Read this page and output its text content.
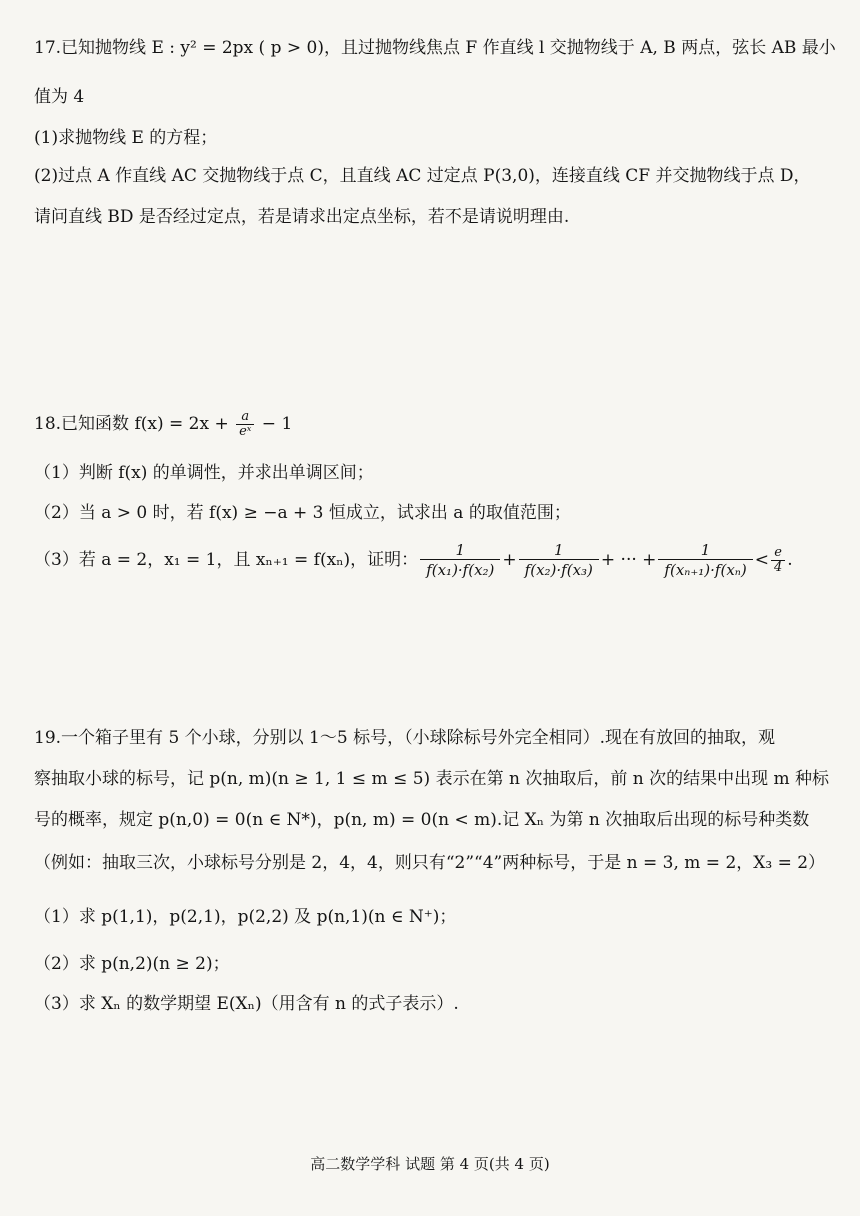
17.已知抛物线 E : y² = 2px ( p > 0)，且过抛物线焦点 F 作直线 l 交抛物线于 A, B 两点，弦长 AB 最小
值为 4
(1)求抛物线 E 的方程；
(2)过点 A 作直线 AC 交抛物线于点 C，且直线 AC 过定点 P(3,0)，连接直线 CF 并交抛物线于点 D，
请问直线 BD 是否经过定点，若是请求出定点坐标，若不是请说明理由.
18.已知函数 $f(x) = 2x + \frac{a}{\text{eˣ}} - 1$
（1）判断 f(x) 的单调性，并求出单调区间；
（2）当 a > 0 时，若 f(x) ≥ −a + 3 恒成立，试求出 a 的取值范围；
（3）若 a = 2，x₁ = 1，且 xₙ₊₁ = f(xₙ)，证明： $\frac{1}{\text{f(x₁)·f(x₂)}} + \frac{1}{\text{f(x₂)·f(x₃)}}$ + ··· + $\frac{1}{\text{f(xₙ₊₁)·f(xₙ)}} < \frac{e}{4}$ .
19.一个箱子里有 5 个小球，分别以 1～5 标号，（小球除标号外完全相同）.现在有放回的抽取，观
察抽取小球的标号，记 p(n, m)(n ≥ 1, 1 ≤ m ≤ 5) 表示在第 n 次抽取后，前 n 次的结果中出现 m 种标
号的概率，规定 p(n,0) = 0(n ∈ N*)，p(n, m) = 0(n < m).记 Xₙ 为第 n 次抽取后出现的标号种类数
（例如：抽取三次，小球标号分别是 2，4，4，则只有“2”“4”两种标号，于是 n = 3, m = 2，X₃ = 2）
（1）求 p(1,1)，p(2,1)，p(2,2) 及 p(n,1)(n ∈ N⁺)；
（2）求 p(n,2)(n ≥ 2)；
（3）求 Xₙ 的数学期望 E(Xₙ)（用含有 n 的式子表示）.
高二数学学科 试题 第 4 页(共 4 页)
